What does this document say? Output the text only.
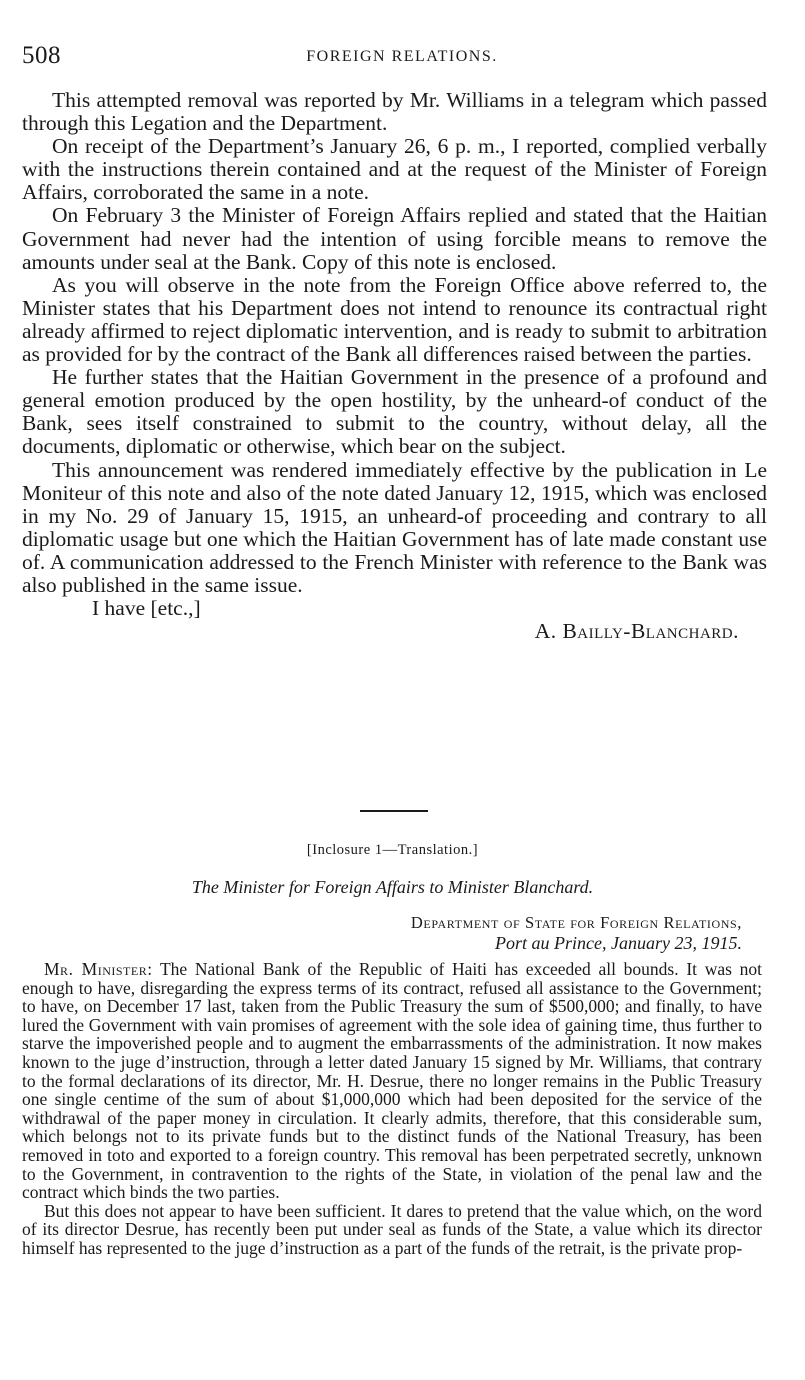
508	FOREIGN RELATIONS.

This attempted removal was reported by Mr. Williams in a telegram which passed through this Legation and the Department.

On receipt of the Department’s January 26, 6 p. m., I reported, complied verbally with the instructions therein contained and at the request of the Minister of Foreign Affairs, corroborated the same in a note.

On February 3 the Minister of Foreign Affairs replied and stated that the Haitian Government had never had the intention of using forcible means to remove the amounts under seal at the Bank. Copy of this note is enclosed.

As you will observe in the note from the Foreign Office above referred to, the Minister states that his Department does not intend to renounce its contractual right already affirmed to reject diplomatic intervention, and is ready to submit to arbitration as provided for by the contract of the Bank all differences raised between the parties.

He further states that the Haitian Government in the presence of a profound and general emotion produced by the open hostility, by the unheard-of conduct of the Bank, sees itself constrained to submit to the country, without delay, all the documents, diplomatic or otherwise, which bear on the subject.

This announcement was rendered immediately effective by the publication in Le Moniteur of this note and also of the note dated January 12, 1915, which was enclosed in my No. 29 of January 15, 1915, an unheard-of proceeding and contrary to all diplomatic usage but one which the Haitian Government has of late made constant use of. A communication addressed to the French Minister with reference to the Bank was also published in the same issue.

I have [etc.,]
A. Bailly-Blanchard.
[Inclosure 1—Translation.]
The Minister for Foreign Affairs to Minister Blanchard.
Department of State for Foreign Relations,
Port au Prince, January 23, 1915.

Mr. Minister: The National Bank of the Republic of Haiti has exceeded all bounds. It was not enough to have, disregarding the express terms of its contract, refused all assistance to the Government; to have, on December 17 last, taken from the Public Treasury the sum of $500,000; and finally, to have lured the Government with vain promises of agreement with the sole idea of gaining time, thus further to starve the impoverished people and to augment the embarrassments of the administration. It now makes known to the juge d’instruction, through a letter dated January 15 signed by Mr. Williams, that contrary to the formal declarations of its director, Mr. H. Desrue, there no longer remains in the Public Treasury one single centime of the sum of about $1,000,000 which had been deposited for the service of the withdrawal of the paper money in circulation. It clearly admits, therefore, that this considerable sum, which belongs not to its private funds but to the distinct funds of the National Treasury, has been removed in toto and exported to a foreign country. This removal has been perpetrated secretly, unknown to the Government, in contravention to the rights of the State, in violation of the penal law and the contract which binds the two parties.

But this does not appear to have been sufficient. It dares to pretend that the value which, on the word of its director Desrue, has recently been put under seal as funds of the State, a value which its director himself has represented to the juge d’instruction as a part of the funds of the retrait, is the private prop-
